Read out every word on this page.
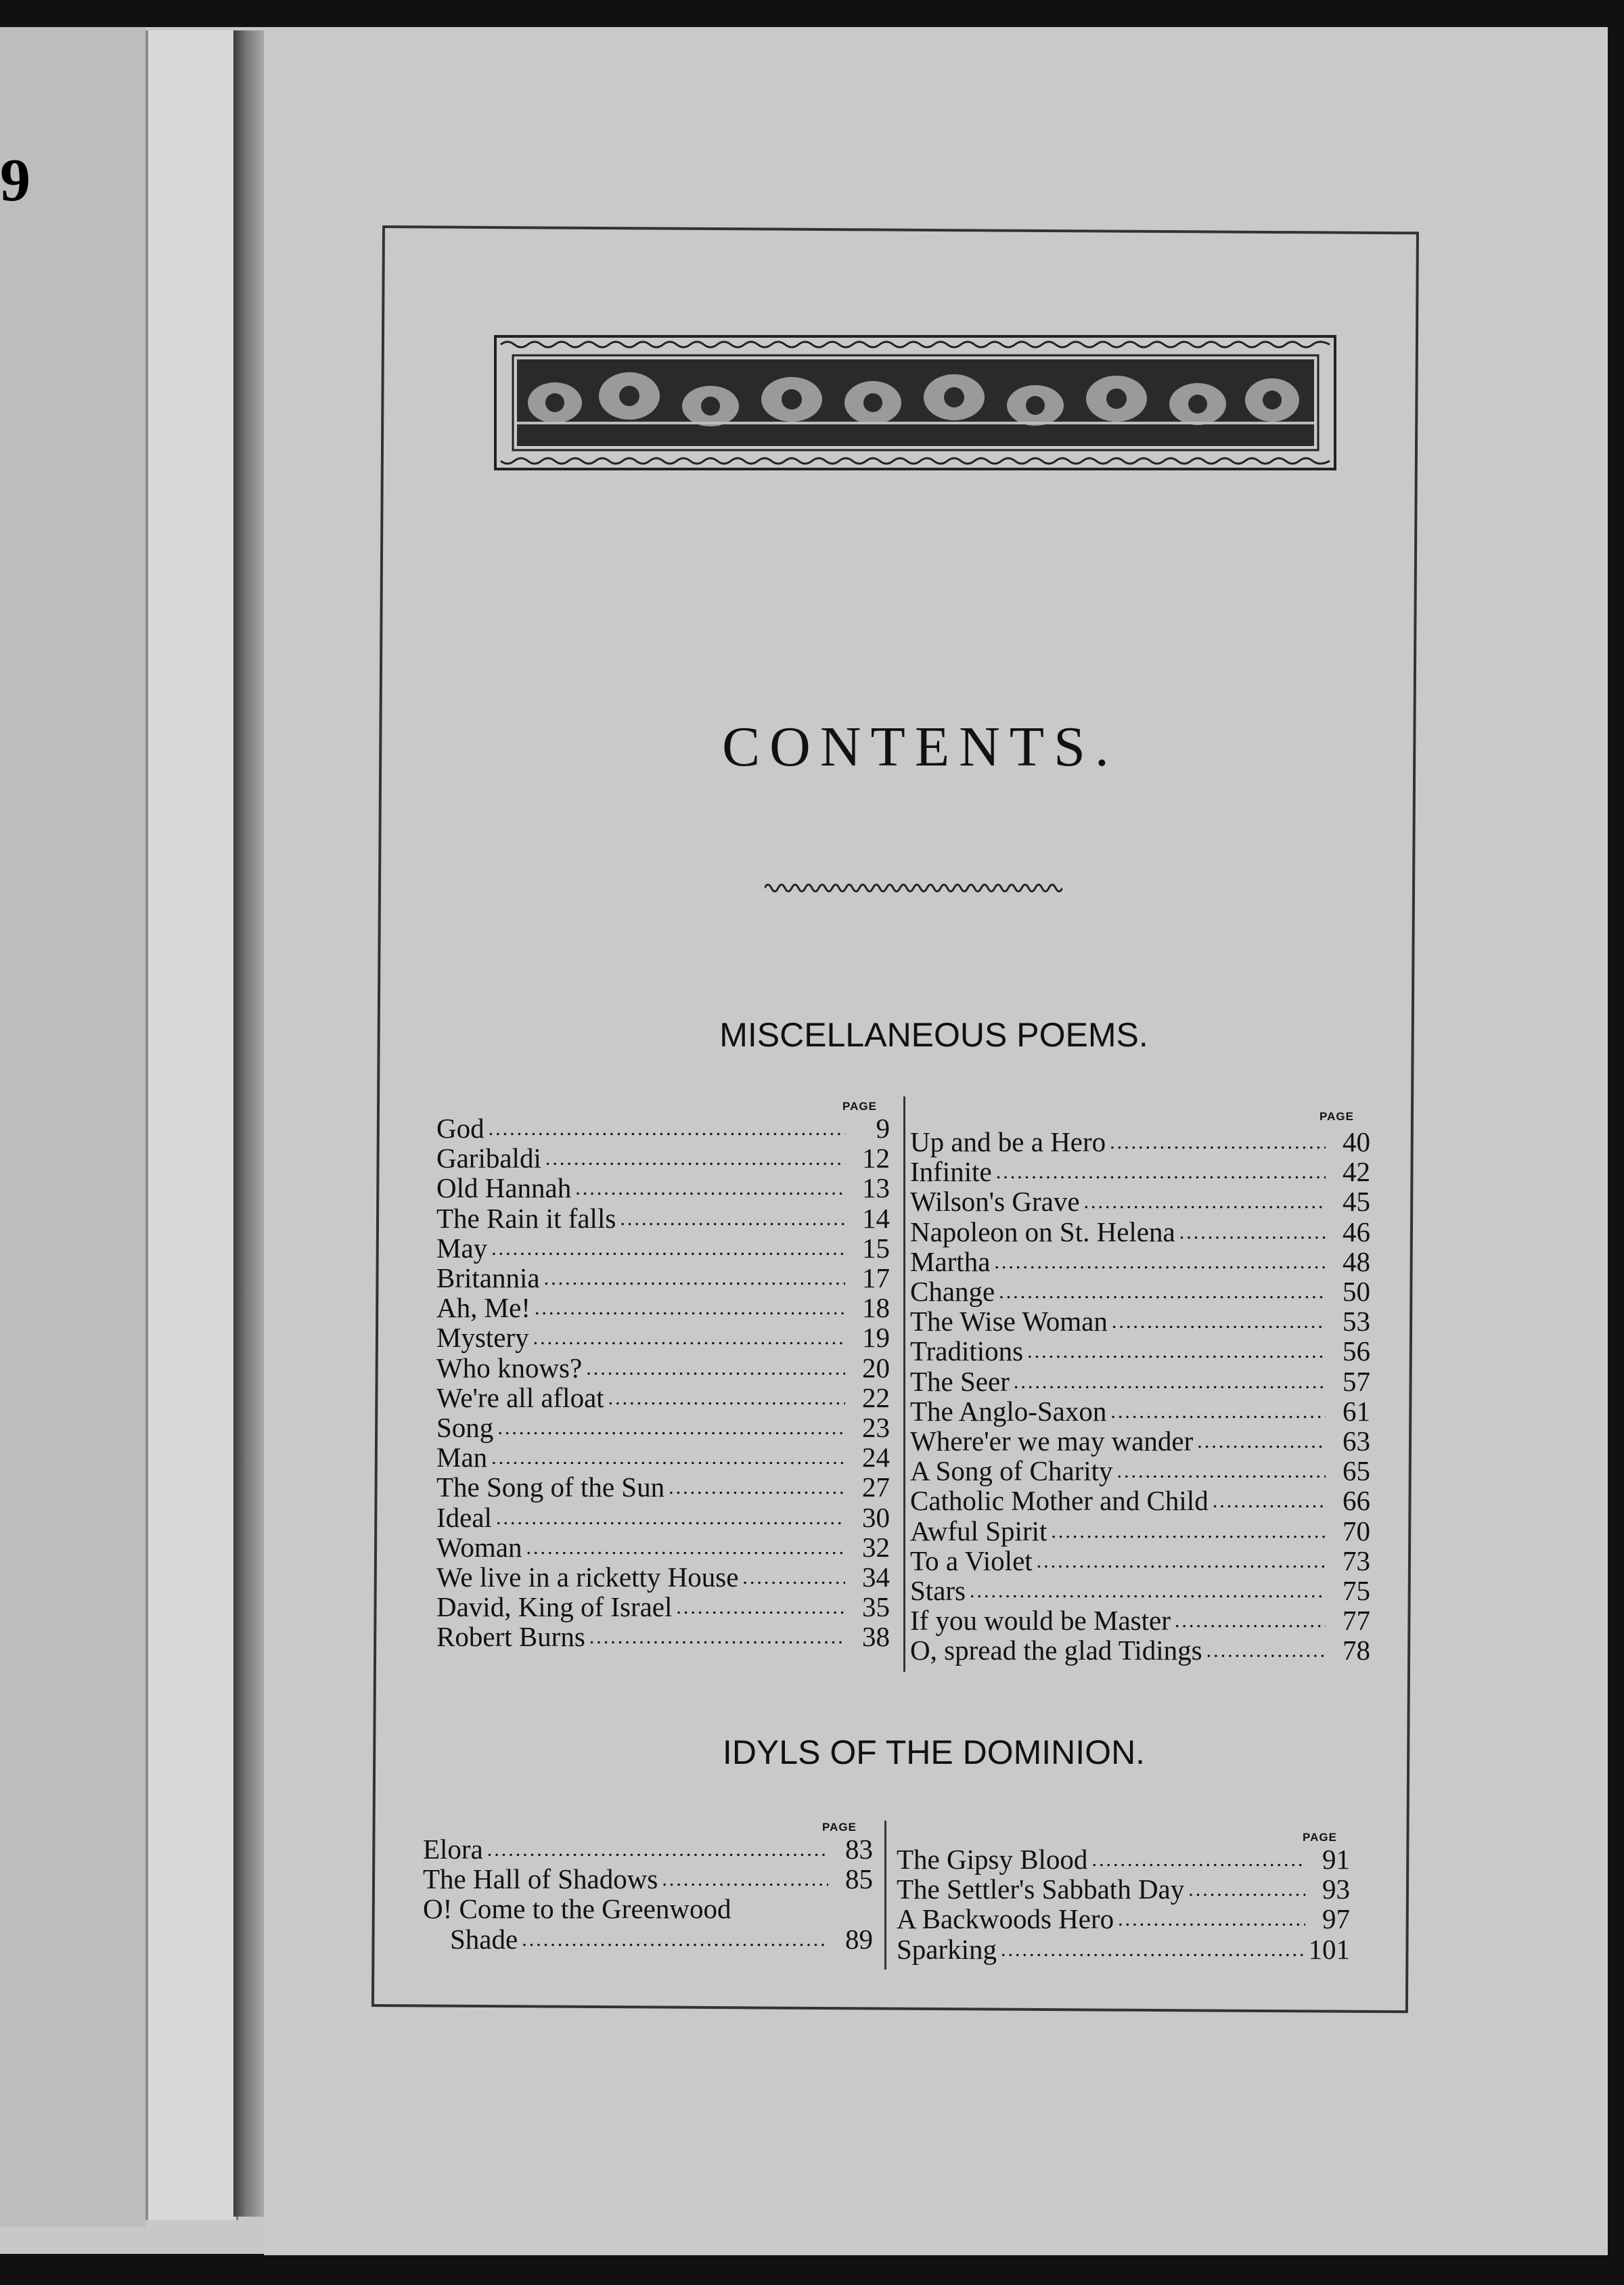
9
CONTENTS.
MISCELLANEOUS POEMS.
PAGE
PAGE
God .....	9
Garibaldi .....	12
Old Hannah .....	13
The Rain it falls .....	14
May .....	15
Britannia .....	17
Ah, Me! .....	18
Mystery .....	19
Who knows? .....	20
We're all afloat .....	22
Song .....	23
Man .....	24
The Song of the Sun .....	27
Ideal .....	30
Woman .....	32
We live in a ricketty House .....	34
David, King of Israel .....	35
Robert Burns .....	38
Up and be a Hero .....	40
Infinite .....	42
Wilson's Grave .....	45
Napoleon on St. Helena .....	46
Martha .....	48
Change .....	50
The Wise Woman .....	53
Traditions .....	56
The Seer .....	57
The Anglo-Saxon .....	61
Where'er we may wander .....	63
A Song of Charity .....	65
Catholic Mother and Child .....	66
Awful Spirit .....	70
To a Violet .....	73
Stars .....	75
If you would be Master .....	77
O, spread the glad Tidings .....	78
IDYLS OF THE DOMINION.
PAGE
PAGE
Elora .....	83
The Hall of Shadows .....	85
O! Come to the Greenwood
Shade .....	89
The Gipsy Blood .....	91
The Settler's Sabbath Day .....	93
A Backwoods Hero .....	97
Sparking .....	101
